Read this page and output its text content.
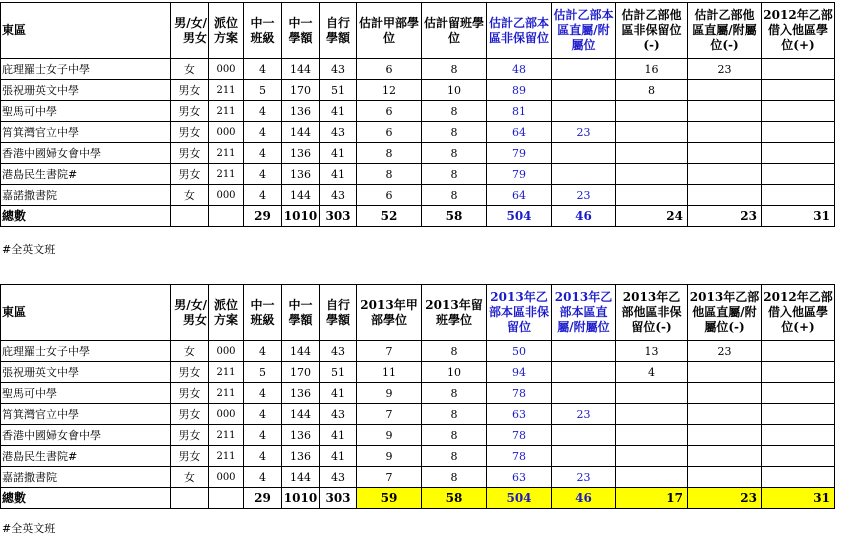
東區	男/女/男女	派位方案	中一班級	中一學額	自行學額	估計甲部學位	估計留班學位	估計乙部本區非保留位	估計乙部本區直屬/附屬位	估計乙部他區非保留位(-)	估計乙部他區直屬/附屬位(-)	2012年乙部借入他區學位(+)
庇理羅士女子中學	女	000	4	144	43	6	8	48		16	23	
張祝珊英文中學	男女	211	5	170	51	12	10	89		8		
聖馬可中學	男女	211	4	136	41	6	8	81				
筲箕灣官立中學	男女	000	4	144	43	6	8	64	23			
香港中國婦女會中學	男女	211	4	136	41	8	8	79				
港島民生書院#	男女	211	4	136	41	8	8	79				
嘉諾撒書院	女	000	4	144	43	6	8	64	23			
總數			29	1010	303	52	58	504	46	24	23	31
#全英文班
東區	男/女/男女	派位方案	中一班級	中一學額	自行學額	2013年甲部學位	2013年留班學位	2013年乙部本區非保留位	2013年乙部本區直屬/附屬位	2013年乙部他區非保留位(-)	2013年乙部他區直屬/附屬位(-)	2012年乙部借入他區學位(+)
庇理羅士女子中學	女	000	4	144	43	7	8	50		13	23	
張祝珊英文中學	男女	211	5	170	51	11	10	94		4		
聖馬可中學	男女	211	4	136	41	9	8	78				
筲箕灣官立中學	男女	000	4	144	43	7	8	63	23			
香港中國婦女會中學	男女	211	4	136	41	9	8	78				
港島民生書院#	男女	211	4	136	41	9	8	78				
嘉諾撒書院	女	000	4	144	43	7	8	63	23			
總數			29	1010	303	59	58	504	46	17	23	31
#全英文班
